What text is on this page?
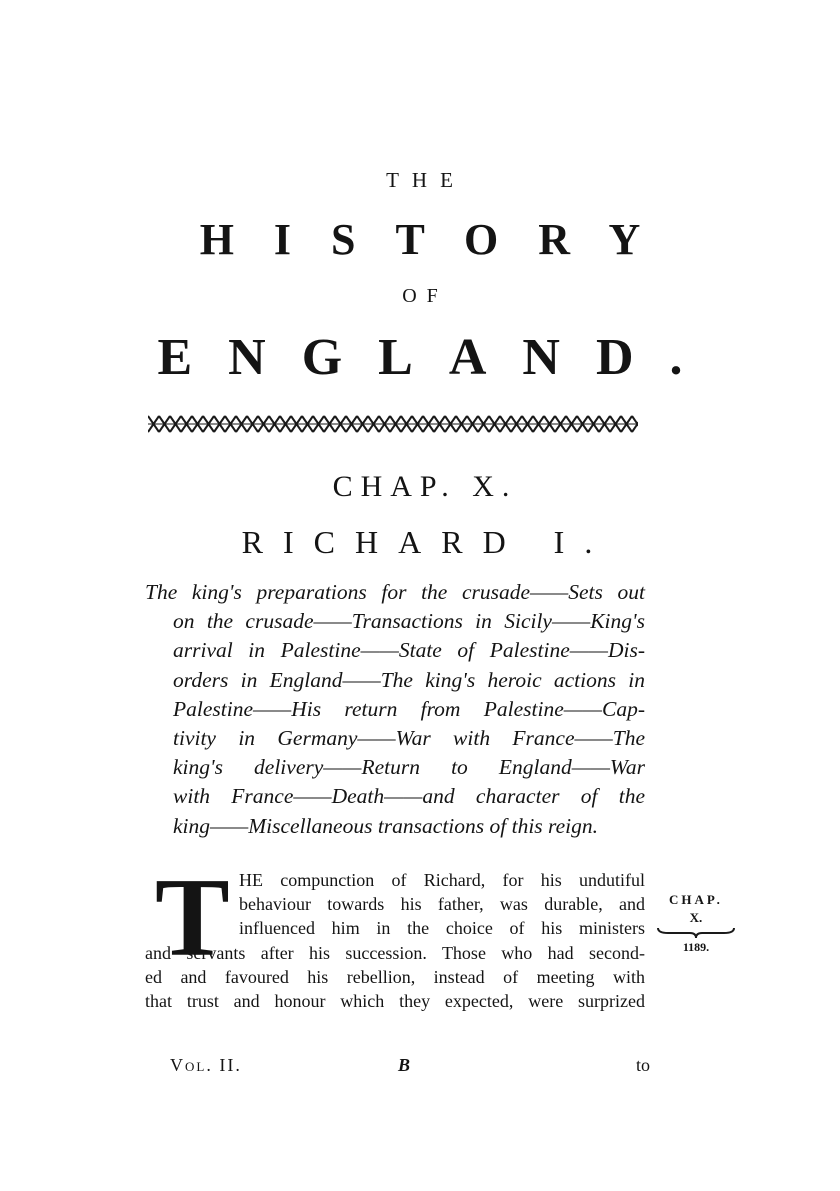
THE
HISTORY
OF
ENGLAND.
CHAP. X.
RICHARD I.
The king's preparations for the crusade——Sets out
on the crusade——Transactions in Sicily——King's
arrival in Palestine——State of Palestine——Dis-
orders in England——The king's heroic actions in
Palestine——His return from Palestine——Cap-
tivity in Germany——War with France——The
king's delivery——Return to England——War
with France——Death——and character of the
king——Miscellaneous transactions of this reign.
T HE compunction of Richard, for his undutiful
behaviour towards his father, was durable, and
influenced him in the choice of his ministers
and servants after his succession. Those who had second-
ed and favoured his rebellion, instead of meeting with
that trust and honour which they expected, were surprized
CHAP.
X.
1189.
Vol. II.	B	to
